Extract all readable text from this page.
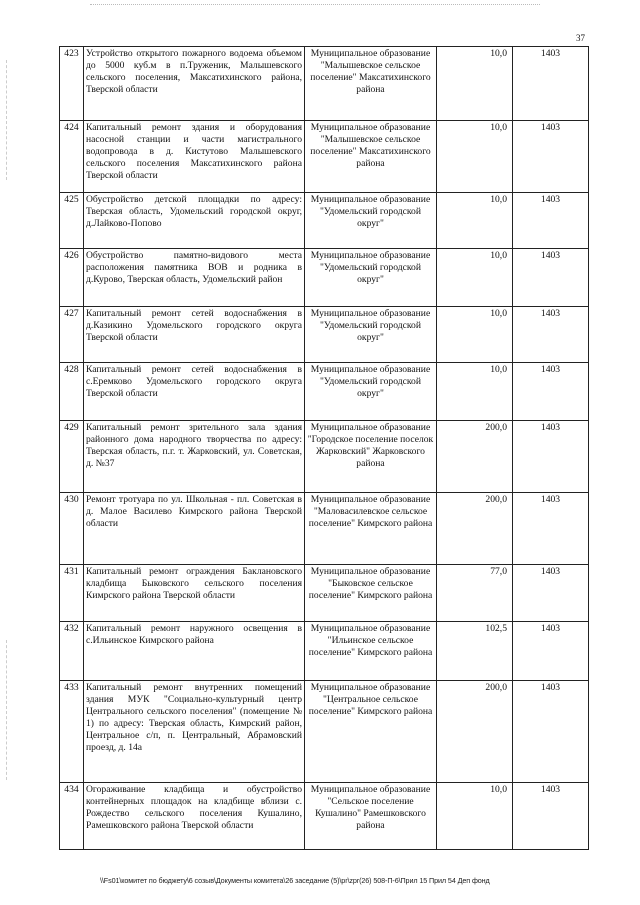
37
423	Устройство открытого пожарного водоема объемом до 5000 куб.м в п.Труженик, Малышевского сельского поселения, Максатихинского района, Тверской области	Муниципальное образование "Малышевское сельское поселение" Максатихинского района	10,0	1403
424	Капитальный ремонт здания и оборудования насосной станции и части магистрального водопровода в д. Кистутово Малышевского сельского поселения Максатихинского района Тверской области	Муниципальное образование "Малышевское сельское поселение" Максатихинского района	10,0	1403
425	Обустройство детской площадки по адресу: Тверская область, Удомельский городской округ, д.Лайково-Попово	Муниципальное образование "Удомельский городской округ"	10,0	1403
426	Обустройство памятно-видового места расположения памятника ВОВ и родника в д.Курово, Тверская область, Удомельский район	Муниципальное образование "Удомельский городской округ"	10,0	1403
427	Капитальный ремонт сетей водоснабжения в д.Казикино Удомельского городского округа Тверской области	Муниципальное образование "Удомельский городской округ"	10,0	1403
428	Капитальный ремонт сетей водоснабжения в с.Еремково Удомельского городского округа Тверской области	Муниципальное образование "Удомельский городской округ"	10,0	1403
429	Капитальный ремонт зрительного зала здания районного дома народного творчества по адресу: Тверская область, п.г. т. Жарковский, ул. Советская, д. №37	Муниципальное образование "Городское поселение поселок Жарковский" Жарковского района	200,0	1403
430	Ремонт тротуара по ул. Школьная - пл. Советская в д. Малое Василево Кимрского района Тверской области	Муниципальное образование "Маловасилевское сельское поселение" Кимрского района	200,0	1403
431	Капитальный ремонт ограждения Баклановского кладбища Быковского сельского поселения Кимрского района Тверской области	Муниципальное образование "Быковское сельское поселение" Кимрского района	77,0	1403
432	Капитальный ремонт наружного освещения в с.Ильинское Кимрского района	Муниципальное образование "Ильинское сельское поселение" Кимрского района	102,5	1403
433	Капитальный ремонт внутренних помещений здания МУК "Социально-культурный центр Центрального сельского поселения" (помещение № 1) по адресу: Тверская область, Кимрский район, Центральное с/п, п. Центральный, Абрамовский проезд, д. 14а	Муниципальное образование "Центральное сельское поселение" Кимрского района	200,0	1403
434	Огораживание кладбища и обустройство контейнерных площадок на кладбище вблизи с. Рождество сельского поселения Кушалино, Рамешковского района Тверской области	Муниципальное образование "Сельское поселение Кушалино" Рамешковского района	10,0	1403
\\Fs01\комитет по бюджету\6 созыв\Документы комитета\26 заседание (5)\pr\zpr(26) 508-П-6\Прил 15 Прил 54 Деп фонд
